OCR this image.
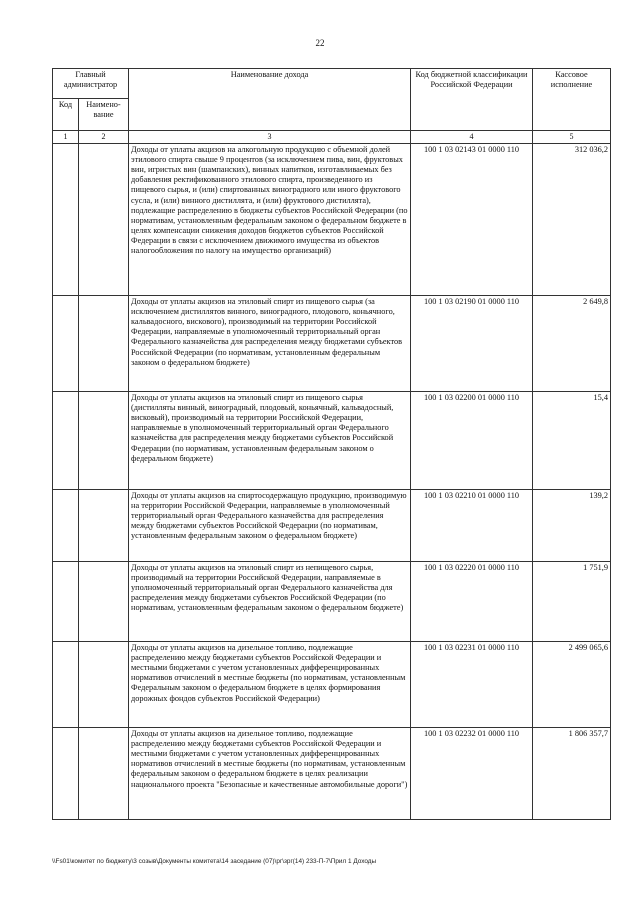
22
Главный администратор		Наименование дохода	Код бюджетной классификации Российской Федерации	Кассовое исполнение
Код	Наимено-вание			
1	2	3	4	5
		Доходы от уплаты акцизов на алкогольную продукцию с объемной долей этилового спирта свыше 9 процентов (за исключением пива, вин, фруктовых вин, игристых вин (шампанских), винных напитков, изготавливаемых без добавления ректификованного этилового спирта, произведенного из пищевого сырья, и (или) спиртованных виноградного или иного фруктового сусла, и (или) винного дистиллята, и (или) фруктового дистиллята), подлежащие распределению в бюджеты субъектов Российской Федерации (по нормативам, установленным федеральным законом о федеральном бюджете в целях компенсации снижения доходов бюджетов субъектов Российской Федерации в связи с исключением движимого имущества из объектов налогообложения по налогу на имущество организаций)	100 1 03 02143 01 0000 110	312 036,2
		Доходы от уплаты акцизов на этиловый спирт из пищевого сырья (за исключением дистиллятов винного, виноградного, плодового, коньячного, кальвадосного, вискового), производимый на территории Российской Федерации, направляемые в уполномоченный территориальный орган Федерального казначейства для распределения между бюджетами субъектов Российской Федерации (по нормативам, установленным федеральным законом о федеральном бюджете)	100 1 03 02190 01 0000 110	2 649,8
		Доходы от уплаты акцизов на этиловый спирт из пищевого сырья (дистилляты винный, виноградный, плодовый, коньячный, кальвадосный, висковый), производимый на территории Российской Федерации, направляемые в уполномоченный территориальный орган Федерального казначейства для распределения между бюджетами субъектов Российской Федерации (по нормативам, установленным федеральным законом о федеральном бюджете)	100 1 03 02200 01 0000 110	15,4
		Доходы от уплаты акцизов на спиртосодержащую продукцию, производимую на территории Российской Федерации, направляемые в уполномоченный территориальный орган Федерального казначейства для распределения между бюджетами субъектов Российской Федерации (по нормативам, установленным федеральным законом о федеральном бюджете)	100 1 03 02210 01 0000 110	139,2
		Доходы от уплаты акцизов на этиловый спирт из непищевого сырья, производимый на территории Российской Федерации, направляемые в уполномоченный территориальный орган Федерального казначейства для распределения между бюджетами субъектов Российской Федерации (по нормативам, установленным федеральным законом о федеральном бюджете)	100 1 03 02220 01 0000 110	1 751,9
		Доходы от уплаты акцизов на дизельное топливо, подлежащие распределению между бюджетами субъектов Российской Федерации и местными бюджетами с учетом установленных дифференцированных нормативов отчислений в местные бюджеты (по нормативам, установленным Федеральным законом о федеральном бюджете в целях формирования дорожных фондов субъектов Российской Федерации)	100 1 03 02231 01 0000 110	2 499 065,6
		Доходы от уплаты акцизов на дизельное топливо, подлежащие распределению между бюджетами субъектов Российской Федерации и местными бюджетами с учетом установленных дифференцированных нормативов отчислений в местные бюджеты (по нормативам, установленным федеральным законом о федеральном бюджете в целях реализации национального проекта "Безопасные и качественные автомобильные дороги")	100 1 03 02232 01 0000 110	1 806 357,7
\\Fs01\комитет по бюджету\3 созыв\Документы комитета\14 заседание (07)\рг\зрг(14) 233-П-7\Прил 1 Доходы
